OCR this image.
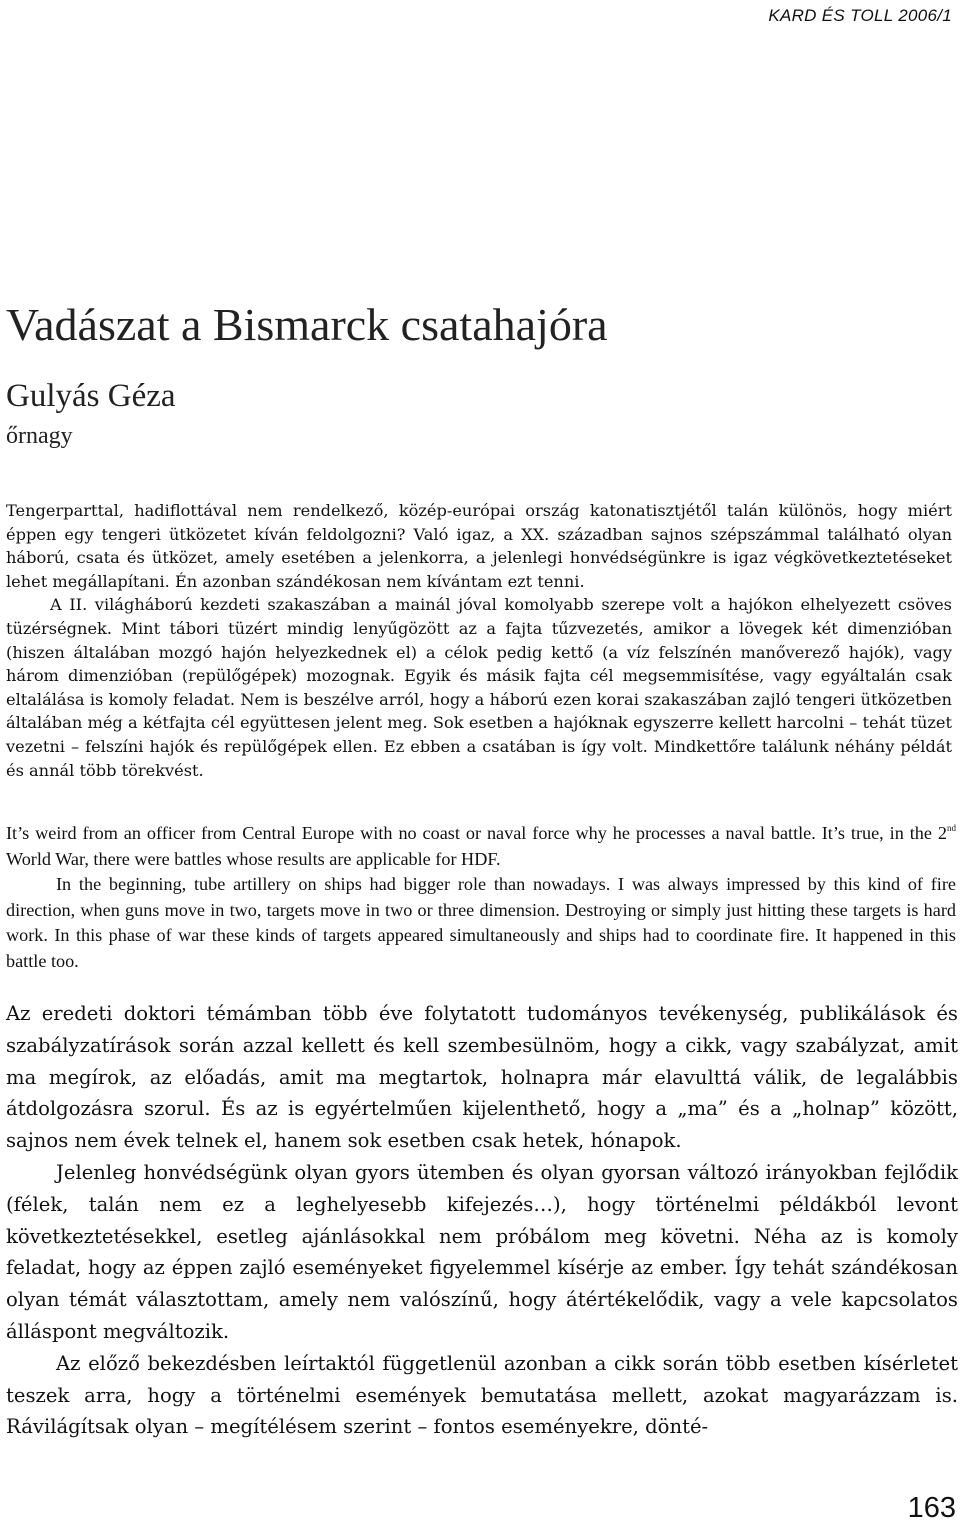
KARD ÉS TOLL 2006/1
Vadászat a Bismarck csatahajóra
Gulyás Géza
őrnagy

Tengerparttal, hadiflottával nem rendelkező, közép-európai ország katonatisztjétől talán különös, hogy miért éppen egy tengeri ütközetet kíván feldolgozni? Való igaz, a XX. században sajnos szépszámmal található olyan háború, csata és ütközet, amely esetében a jelenkorra, a jelenlegi honvédségünkre is igaz végkövetkeztetéseket lehet megállapítani. Én azonban szándékosan nem kívántam ezt tenni.

A II. világháború kezdeti szakaszában a mainál jóval komolyabb szerepe volt a hajókon elhelyezett csöves tüzérségnek. Mint tábori tüzért mindig lenyűgözött az a fajta tűzvezetés, amikor a lövegek két dimenzióban (hiszen általában mozgó hajón helyezkednek el) a célok pedig kettő (a víz felszínén manőverező hajók), vagy három dimenzióban (repülőgépek) mozognak. Egyik és másik fajta cél megsemmisítése, vagy egyáltalán csak eltalálása is komoly feladat. Nem is beszélve arról, hogy a háború ezen korai szakaszában zajló tengeri ütközetben általában még a kétfajta cél együttesen jelent meg. Sok esetben a hajóknak egyszerre kellett harcolni – tehát tüzet vezetni – felszíni hajók és repülőgépek ellen. Ez ebben a csatában is így volt. Mindkettőre találunk néhány példát és annál több törekvést.

It’s weird from an officer from Central Europe with no coast or naval force why he processes a naval battle. It’s true, in the 2nd World War, there were battles whose results are applicable for HDF.

In the beginning, tube artillery on ships had bigger role than nowadays. I was always impressed by this kind of fire direction, when guns move in two, targets move in two or three dimension. Destroying or simply just hitting these targets is hard work. In this phase of war these kinds of targets appeared simultaneously and ships had to coordinate fire. It happened in this battle too.

Az eredeti doktori témámban több éve folytatott tudományos tevékenység, publikálások és szabályzatírások során azzal kellett és kell szembesülnöm, hogy a cikk, vagy szabályzat, amit ma megírok, az előadás, amit ma megtartok, holnapra már elavulttá válik, de legalábbis átdolgozásra szorul. És az is egyértelműen kijelenthető, hogy a „ma” és a „holnap” között, sajnos nem évek telnek el, hanem sok esetben csak hetek, hónapok.

Jelenleg honvédségünk olyan gyors ütemben és olyan gyorsan változó irányokban fejlődik (félek, talán nem ez a leghelyesebb kifejezés…), hogy történelmi példákból levont következtetésekkel, esetleg ajánlásokkal nem próbálom meg követni. Néha az is komoly feladat, hogy az éppen zajló eseményeket figyelemmel kísérje az ember. Így tehát szándékosan olyan témát választottam, amely nem valószínű, hogy átértékelődik, vagy a vele kapcsolatos álláspont megváltozik.

Az előző bekezdésben leírtaktól függetlenül azonban a cikk során több esetben kísérletet teszek arra, hogy a történelmi események bemutatása mellett, azokat magyarázzam is. Rávilágítsak olyan – megítélésem szerint – fontos eseményekre, dönté-

163
